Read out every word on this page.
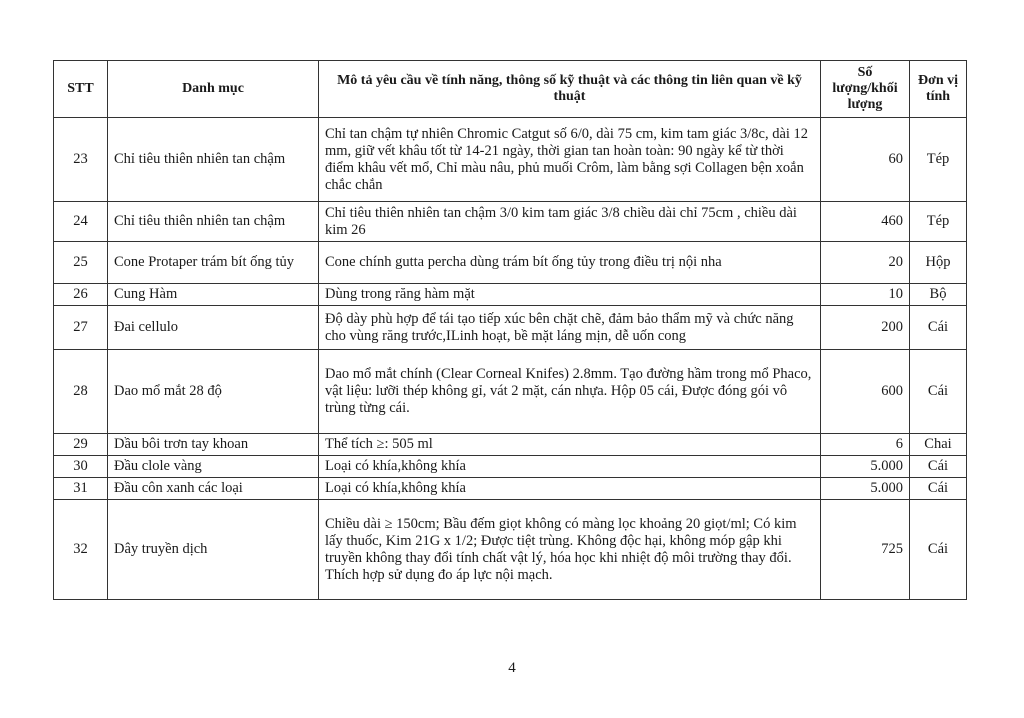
STT	Danh mục	Mô tả yêu cầu về tính năng, thông số kỹ thuật và các thông tin liên quan về kỹ thuật	Số lượng/khối lượng	Đơn vị tính
23	Chỉ tiêu thiên nhiên tan chậm	Chỉ tan chậm tự nhiên Chromic Catgut số 6/0, dài 75 cm, kim tam giác 3/8c, dài 12 mm, giữ vết khâu tốt từ 14-21 ngày, thời gian tan hoàn toàn: 90 ngày kể từ thời điểm khâu vết mổ, Chỉ màu nâu, phủ muối Crôm, làm bằng sợi Collagen bện xoắn chắc chắn	60	Tép
24	Chỉ tiêu thiên nhiên tan chậm	Chỉ tiêu thiên nhiên tan chậm 3/0 kim tam giác 3/8 chiều dài chỉ 75cm , chiều dài kim 26	460	Tép
25	Cone Protaper trám bít ống tủy	Cone chính gutta percha dùng trám bít ống tủy trong điều trị nội nha	20	Hộp
26	Cung Hàm	Dùng trong răng hàm mặt	10	Bộ
27	Đai cellulo	Độ dày phù hợp để tái tạo tiếp xúc bên chặt chẽ, đảm bảo thẩm mỹ và chức năng cho vùng răng trước,ILinh hoạt, bề mặt láng mịn, dễ uốn cong	200	Cái
28	Dao mổ mắt 28 độ	Dao mổ mắt chính (Clear Corneal Knifes) 2.8mm. Tạo đường hầm trong mổ Phaco, vật liệu: lưỡi thép không gỉ, vát 2 mặt, cán nhựa. Hộp 05 cái, Được đóng gói vô trùng từng cái.	600	Cái
29	Dầu bôi trơn tay khoan	Thể tích ≥: 505 ml	6	Chai
30	Đầu clole vàng	Loại có khía,không khía	5.000	Cái
31	Đầu côn xanh các loại	Loại có khía,không khía	5.000	Cái
32	Dây truyền dịch	Chiều dài ≥ 150cm; Bầu đếm giọt không có màng lọc khoảng 20 giọt/ml; Có kim lấy thuốc, Kim 21G x 1/2; Được tiệt trùng. Không độc hại, không móp gập khi truyền không thay đổi tính chất vật lý, hóa học khi nhiệt độ môi trường thay đổi. Thích hợp sử dụng đo áp lực nội mạch.	725	Cái
4
